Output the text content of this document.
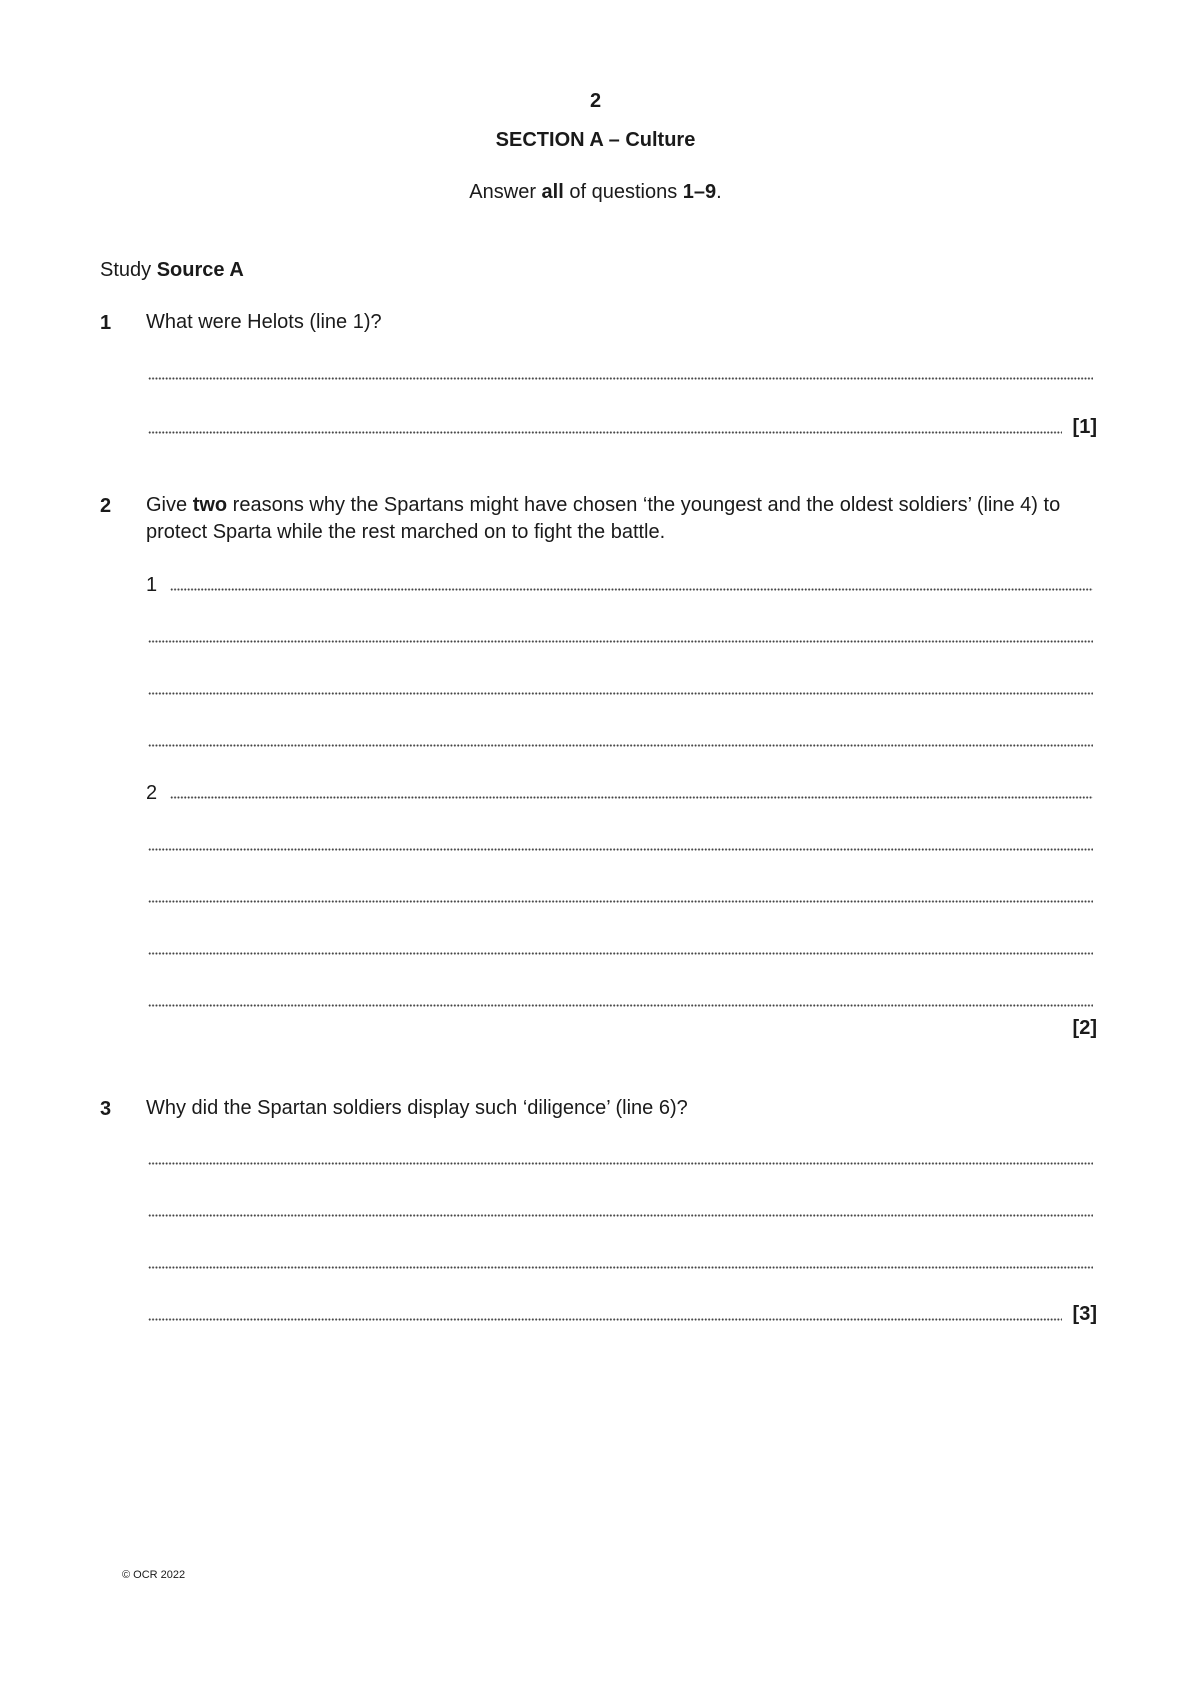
2
SECTION A – Culture
Answer all of questions 1–9.
Study Source A
1 What were Helots (line 1)?
[1]
2 Give two reasons why the Spartans might have chosen ‘the youngest and the oldest soldiers’ (line 4) to protect Sparta while the rest marched on to fight the battle.
1
2
[2]
3 Why did the Spartan soldiers display such ‘diligence’ (line 6)?
[3]
© OCR 2022
